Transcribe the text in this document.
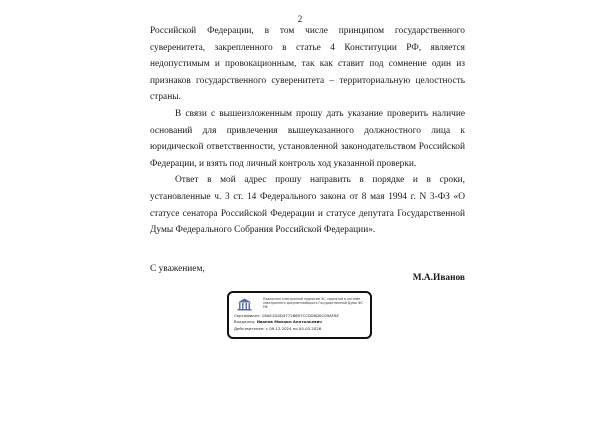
2

Российской Федерации, в том числе принципом государственного суверенитета, закрепленного в статье 4 Конституции РФ, является недопустимым и провокационным, так как ставит под сомнение один из признаков государственного суверенитета – территориальную целостность страны.

В связи с вышеизложенным прошу дать указание проверить наличие оснований для привлечения вышеуказанного должностного лица к юридической ответственности, установленной законодательством Российской Федерации, и взять под личный контроль ход указанной проверки.

Ответ в мой адрес прошу направить в порядке и в сроки, установленные ч. 3 ст. 14 Федерального закона от 8 мая 1994 г. N 3-ФЗ «О статусе сенатора Российской Федерации и статусе депутата Государственной Думы Федерального Собрания Российской Федерации».

С уважением,
М.А.Иванов
Подписано электронной подписью ЭС, принятой в системе электронного документооборота Государственной Думы ФС РФ
Сертификат: 18AE1D4D47728697CCD06D0C09AF8E
Владелец: Иванов Михаил Анатольевич
Действителен: с 09.12.2024 по 04.03.2026
